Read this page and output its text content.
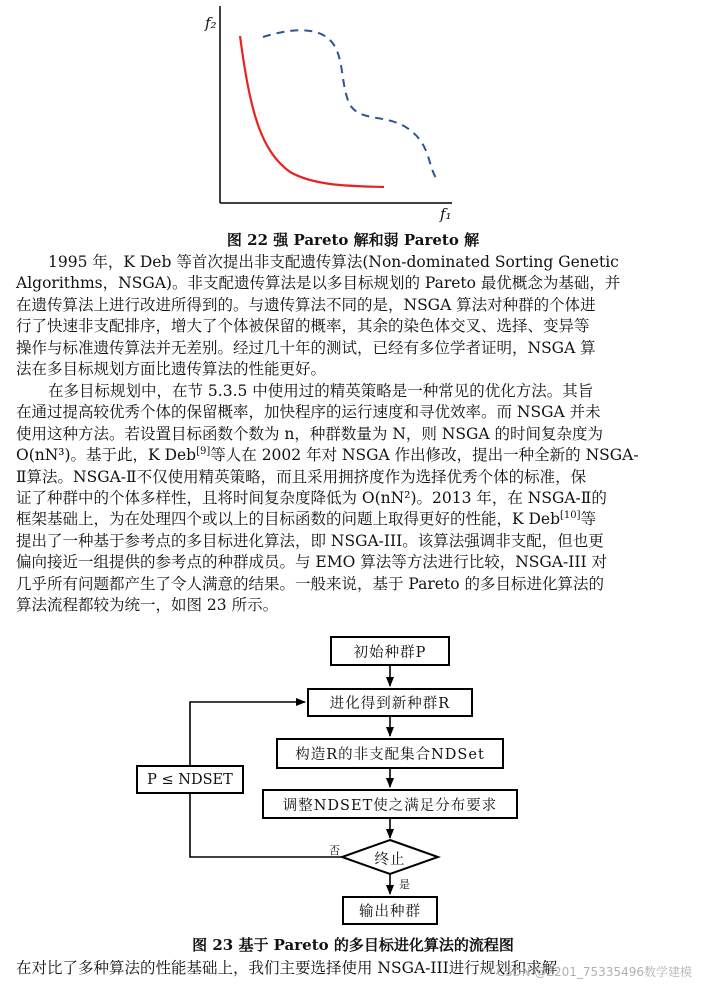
f₂
f₁
图 22 强 Pareto 解和弱 Pareto 解

1995 年，K Deb 等首次提出非支配遗传算法(Non-dominated Sorting Genetic

Algorithms，NSGA)。非支配遗传算法是以多目标规划的 Pareto 最优概念为基础，并

在遗传算法上进行改进所得到的。与遗传算法不同的是，NSGA 算法对种群的个体进

行了快速非支配排序，增大了个体被保留的概率，其余的染色体交叉、选择、变异等

操作与标准遗传算法并无差别。经过几十年的测试，已经有多位学者证明，NSGA 算

法在多目标规划方面比遗传算法的性能更好。

在多目标规划中，在节 5.3.5 中使用过的精英策略是一种常见的优化方法。其旨

在通过提高较优秀个体的保留概率，加快程序的运行速度和寻优效率。而 NSGA 并未

使用这种方法。若设置目标函数个数为 n，种群数量为 N，则 NSGA 的时间复杂度为

O(nN³)。基于此，K Deb[9]等人在 2002 年对 NSGA 作出修改，提出一种全新的 NSGA-

Ⅱ算法。NSGA-Ⅱ不仅使用精英策略，而且采用拥挤度作为选择优秀个体的标准，保

证了种群中的个体多样性，且将时间复杂度降低为 O(nN²)。2013 年，在 NSGA-Ⅱ的

框架基础上，为在处理四个或以上的目标函数的问题上取得更好的性能，K Deb[10]等

提出了一种基于参考点的多目标进化算法，即 NSGA-III。该算法强调非支配，但也更

偏向接近一组提供的参考点的种群成员。与 EMO 算法等方法进行比较，NSGA-III 对

几乎所有问题都产生了令人满意的结果。一般来说，基于 Pareto 的多目标进化算法的

算法流程都较为统一，如图 23 所示。

初始种群P
进化得到新种群R
构造R的非支配集合NDSet
调整NDSET使之满足分布要求
P ≤ NDSET
终止
输出种群
否
是
图 23 基于 Pareto 的多目标进化算法的流程图
在对比了多种算法的性能基础上，我们主要选择使用 NSGA-III进行规划和求解
CSDN @2201_75335496数学建模
